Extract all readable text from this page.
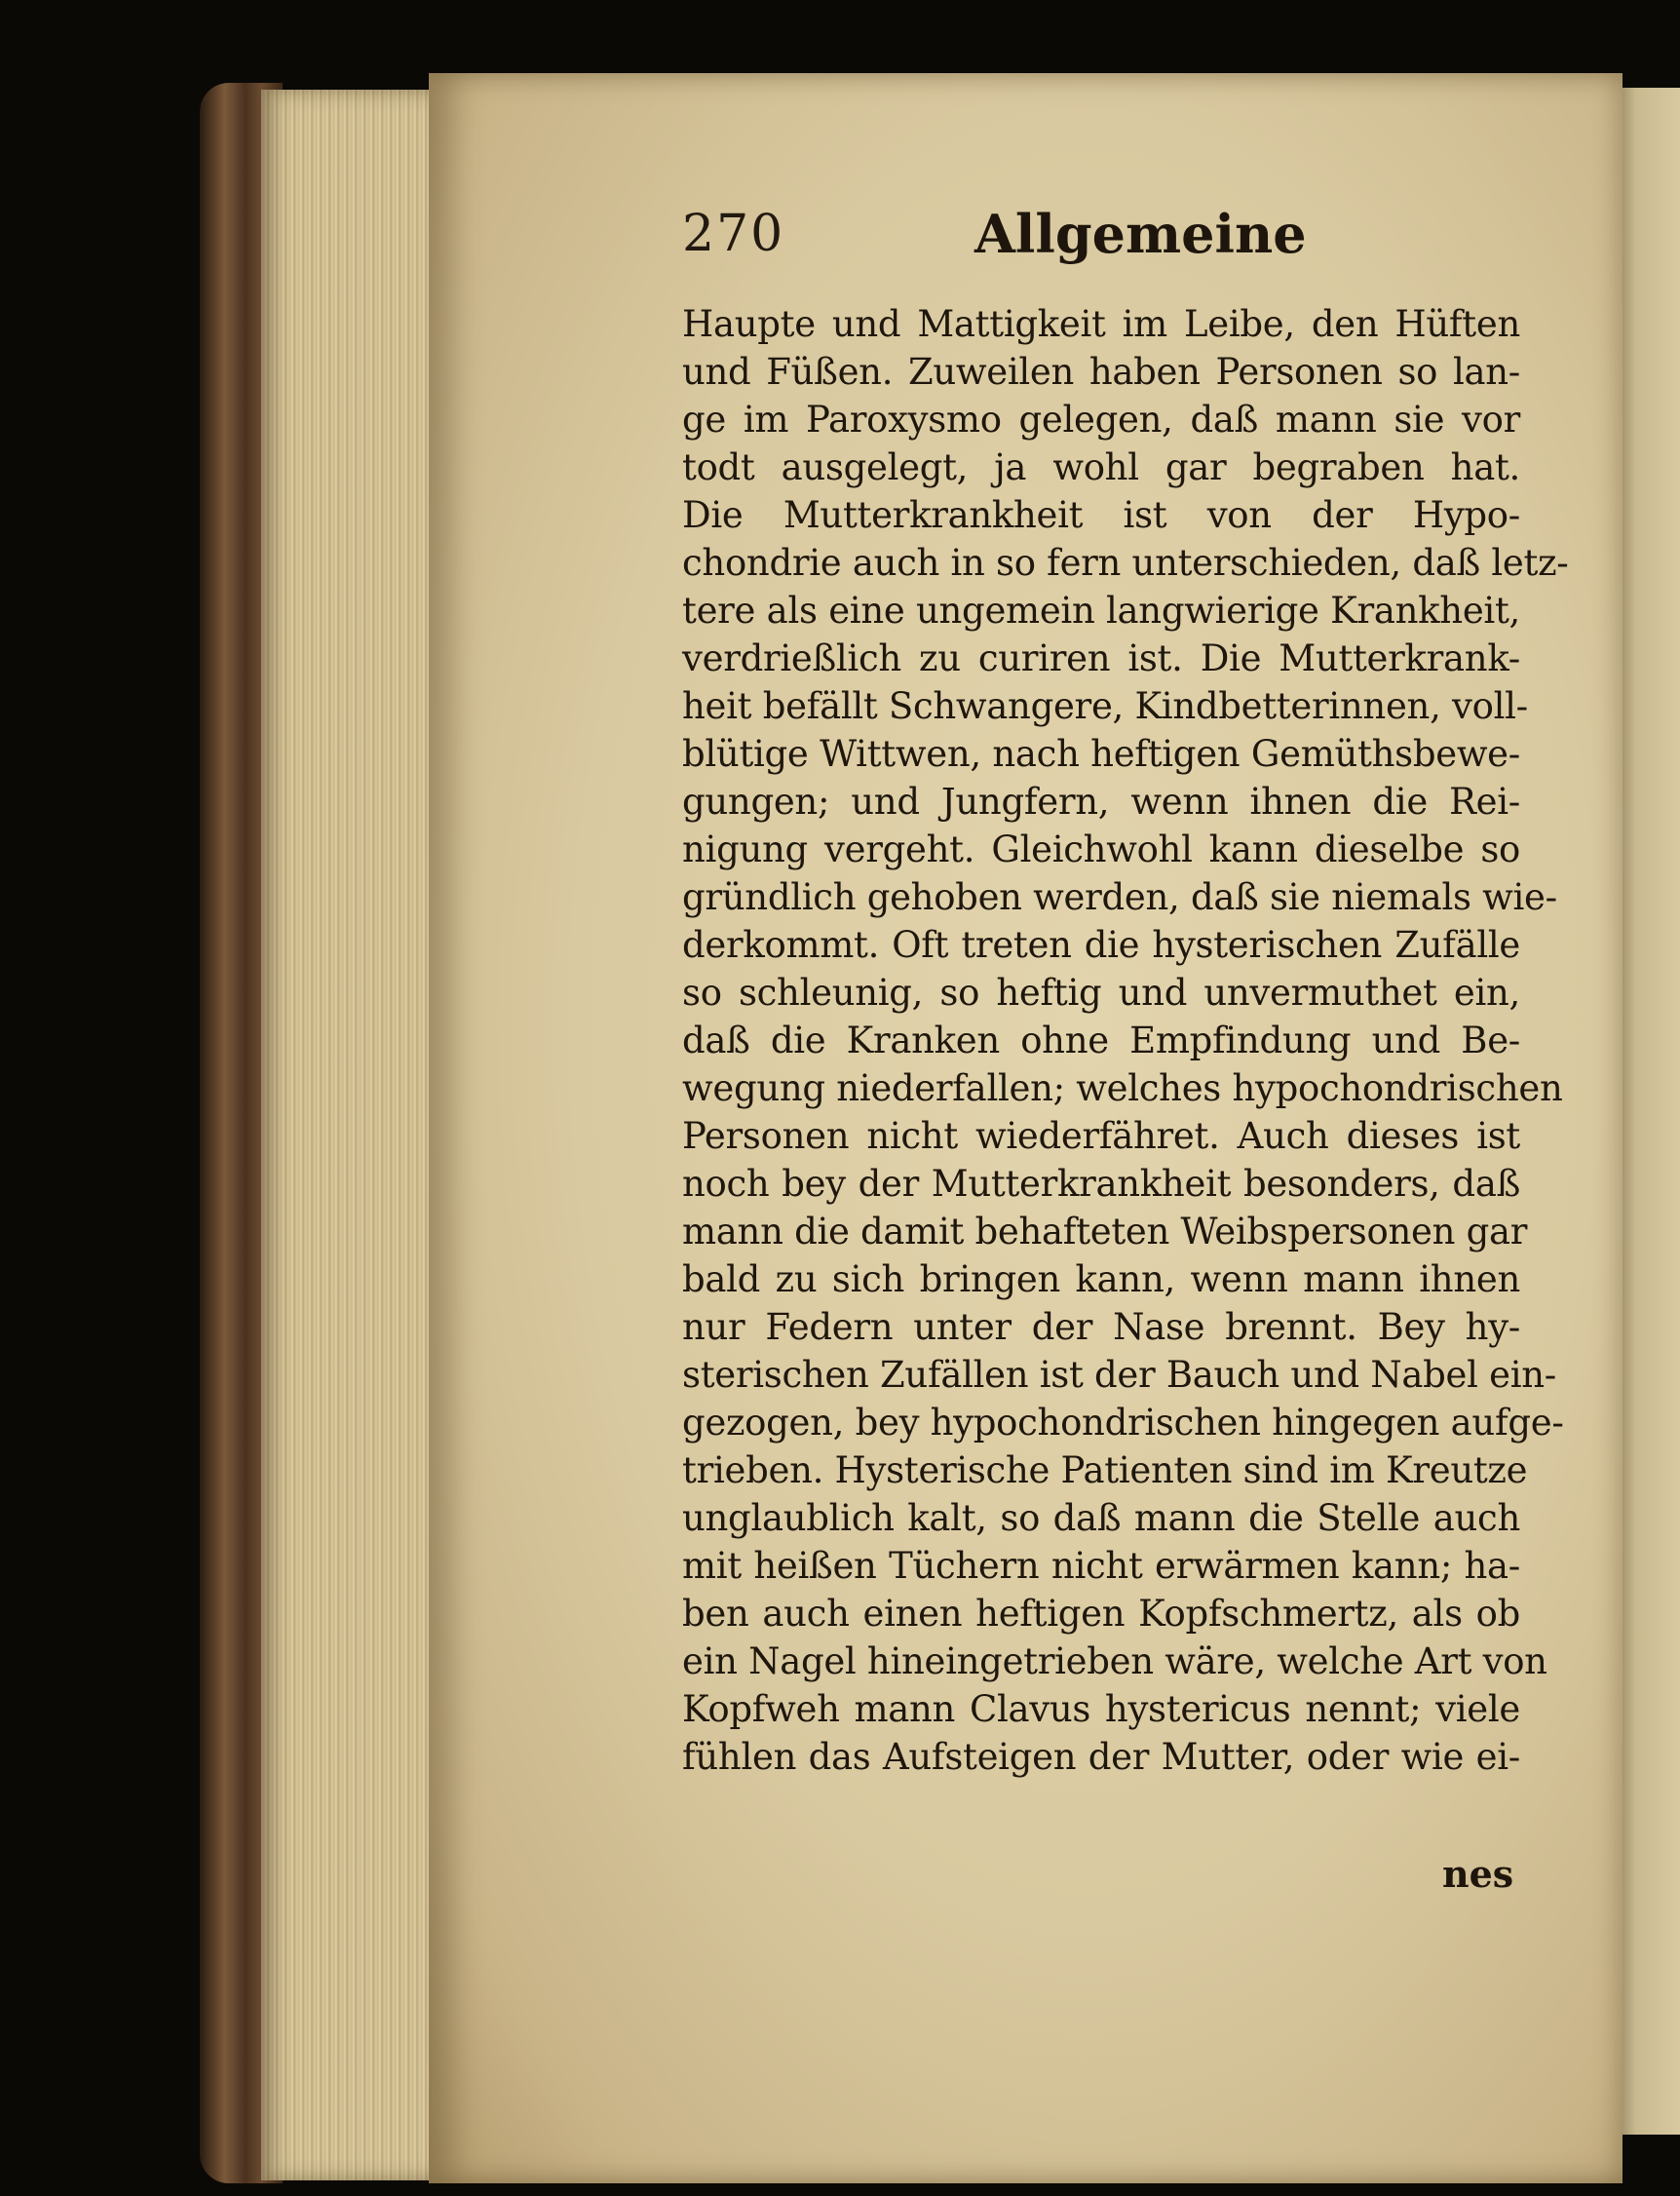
270	Allgemeine
Haupte und Mattigkeit im Leibe, den Hüften
und Füßen. Zuweilen haben Personen so lan-
ge im Paroxysmo gelegen, daß mann sie vor
todt ausgelegt, ja wohl gar begraben hat.
Die Mutterkrankheit ist von der Hypo-
chondrie auch in so fern unterschieden, daß letz-
tere als eine ungemein langwierige Krankheit,
verdrießlich zu curiren ist. Die Mutterkrank-
heit befällt Schwangere, Kindbetterinnen, voll-
blütige Wittwen, nach heftigen Gemüthsbewe-
gungen; und Jungfern, wenn ihnen die Rei-
nigung vergeht. Gleichwohl kann dieselbe so
gründlich gehoben werden, daß sie niemals wie-
derkommt. Oft treten die hysterischen Zufälle
so schleunig, so heftig und unvermuthet ein,
daß die Kranken ohne Empfindung und Be-
wegung niederfallen; welches hypochondrischen
Personen nicht wiederfähret. Auch dieses ist
noch bey der Mutterkrankheit besonders, daß
mann die damit behafteten Weibspersonen gar
bald zu sich bringen kann, wenn mann ihnen
nur Federn unter der Nase brennt. Bey hy-
sterischen Zufällen ist der Bauch und Nabel ein-
gezogen, bey hypochondrischen hingegen aufge-
trieben. Hysterische Patienten sind im Kreutze
unglaublich kalt, so daß mann die Stelle auch
mit heißen Tüchern nicht erwärmen kann; ha-
ben auch einen heftigen Kopfschmertz, als ob
ein Nagel hineingetrieben wäre, welche Art von
Kopfweh mann Clavus hystericus nennt; viele
fühlen das Aufsteigen der Mutter, oder wie ei-
nes
